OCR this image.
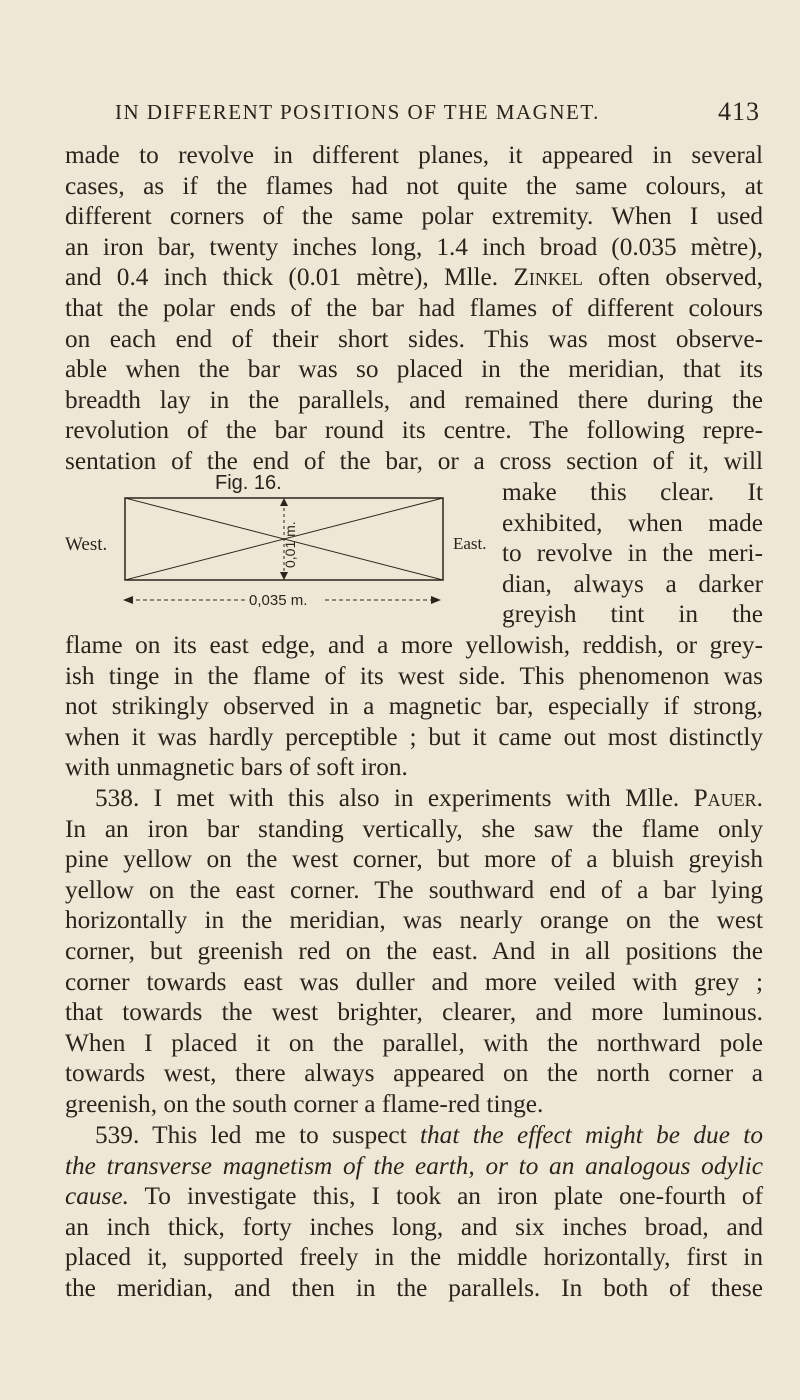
IN DIFFERENT POSITIONS OF THE MAGNET.	413
made to revolve in different planes, it appeared in several
cases, as if the flames had not quite the same colours, at
different corners of the same polar extremity. When I used
an iron bar, twenty inches long, 1.4 inch broad (0.035 mètre),
and 0.4 inch thick (0.01 mètre), Mlle. Zinkel often observed,
that the polar ends of the bar had flames of different colours
on each end of their short sides. This was most observe-
able when the bar was so placed in the meridian, that its
breadth lay in the parallels, and remained there during the
revolution of the bar round its centre. The following repre-
sentation of the end of the bar, or a cross section of it, will
Fig. 16.
West.	East.
0,01 m.
0,035 m.
make this clear. It
exhibited, when made
to revolve in the meri-
dian, always a darker
greyish tint in the
flame on its east edge, and a more yellowish, reddish, or grey-
ish tinge in the flame of its west side. This phenomenon was
not strikingly observed in a magnetic bar, especially if strong,
when it was hardly perceptible ; but it came out most distinctly
with unmagnetic bars of soft iron.
538. I met with this also in experiments with Mlle. Pauer.
In an iron bar standing vertically, she saw the flame only
pine yellow on the west corner, but more of a bluish greyish
yellow on the east corner. The southward end of a bar lying
horizontally in the meridian, was nearly orange on the west
corner, but greenish red on the east. And in all positions the
corner towards east was duller and more veiled with grey ;
that towards the west brighter, clearer, and more luminous.
When I placed it on the parallel, with the northward pole
towards west, there always appeared on the north corner a
greenish, on the south corner a flame-red tinge.
539. This led me to suspect that the effect might be due to
the transverse magnetism of the earth, or to an analogous odylic
cause. To investigate this, I took an iron plate one-fourth of
an inch thick, forty inches long, and six inches broad, and
placed it, supported freely in the middle horizontally, first in
the meridian, and then in the parallels. In both of these
